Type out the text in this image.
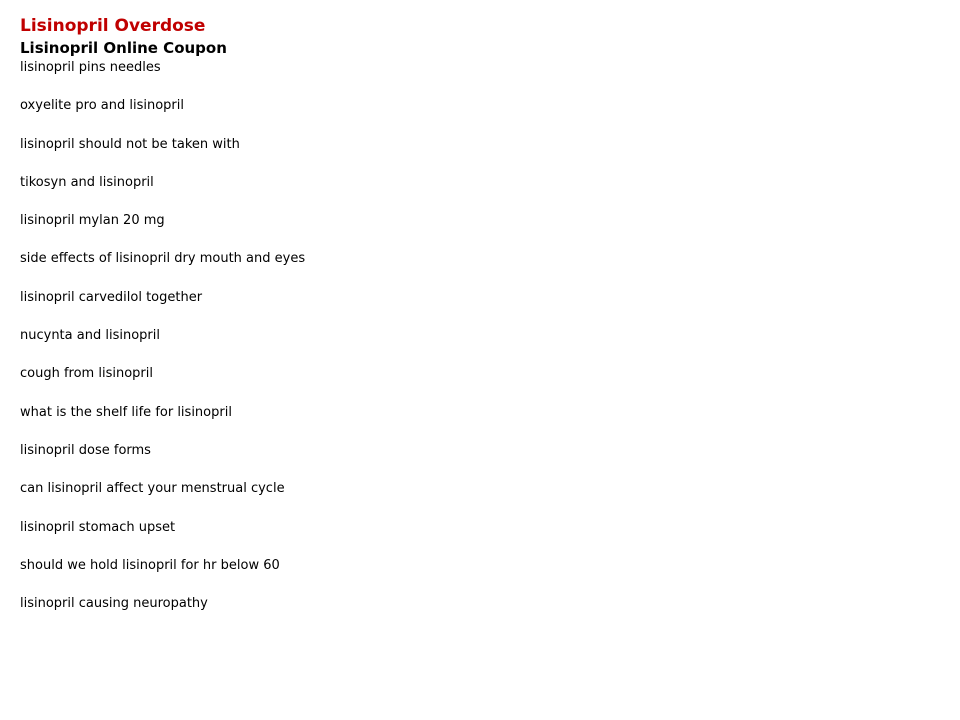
Lisinopril Overdose
Lisinopril Online Coupon
lisinopril pins needles
oxyelite pro and lisinopril
lisinopril should not be taken with
tikosyn and lisinopril
lisinopril mylan 20 mg
side effects of lisinopril dry mouth and eyes
lisinopril carvedilol together
nucynta and lisinopril
cough from lisinopril
what is the shelf life for lisinopril
lisinopril dose forms
can lisinopril affect your menstrual cycle
lisinopril stomach upset
should we hold lisinopril for hr below 60
lisinopril causing neuropathy
